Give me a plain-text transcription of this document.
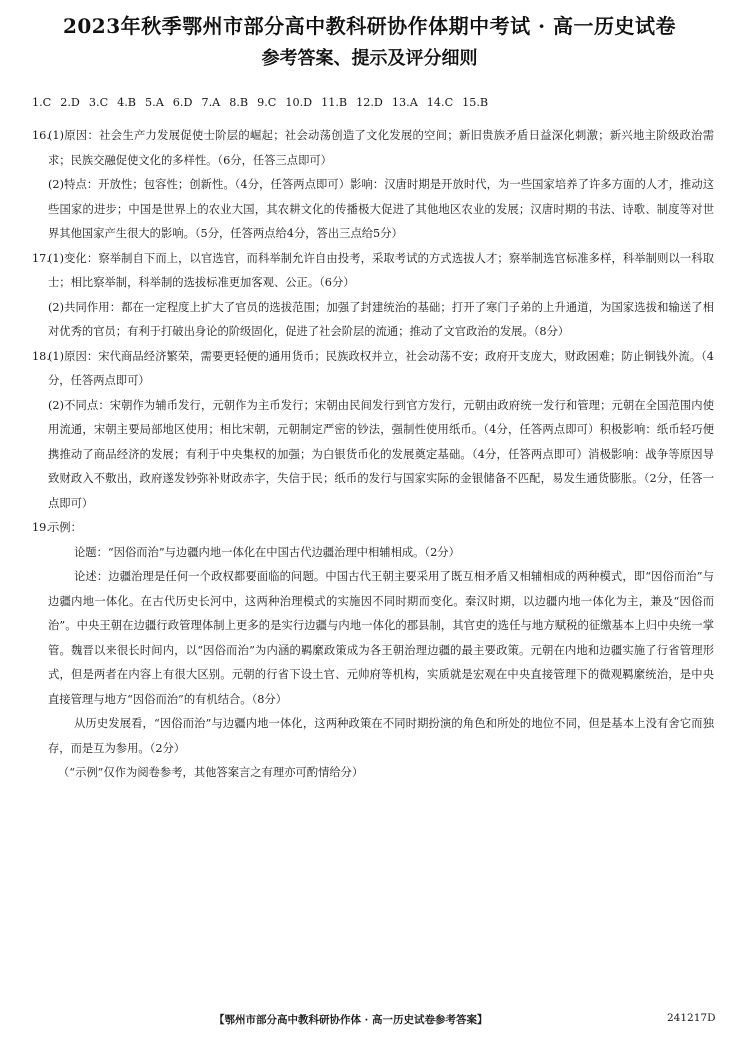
2023年秋季鄂州市部分高中教科研协作体期中考试 · 高一历史试卷
参考答案、提示及评分细则
1.C 2.D 3.C 4.B 5.A 6.D 7.A 8.B 9.C 10.D 11.B 12.D 13.A 14.C 15.B
16.

(1)原因：社会生产力发展促使士阶层的崛起；社会动荡创造了文化发展的空间；新旧贵族矛盾日益深化刺激；新兴地主阶级政治需求；民族交融促使文化的多样性。（6分，任答三点即可）

(2)特点：开放性；包容性；创新性。（4分，任答两点即可）影响：汉唐时期是开放时代，为一些国家培养了许多方面的人才，推动这些国家的进步；中国是世界上的农业大国，其农耕文化的传播极大促进了其他地区农业的发展；汉唐时期的书法、诗歌、制度等对世界其他国家产生很大的影响。（5分，任答两点给4分，答出三点给5分）

17.

(1)变化：察举制自下而上，以官选官，而科举制允许自由投考，采取考试的方式选拔人才；察举制选官标准多样，科举制则以一科取士；相比察举制，科举制的选拔标准更加客观、公正。（6分）

(2)共同作用：都在一定程度上扩大了官员的选拔范围；加强了封建统治的基础；打开了寒门子弟的上升通道，为国家选拔和输送了相对优秀的官员；有利于打破出身论的阶级固化，促进了社会阶层的流通；推动了文官政治的发展。（8分）

18.

(1)原因：宋代商品经济繁荣，需要更轻便的通用货币；民族政权并立，社会动荡不安；政府开支庞大，财政困难；防止铜钱外流。（4分，任答两点即可）

(2)不同点：宋朝作为辅币发行，元朝作为主币发行；宋朝由民间发行到官方发行，元朝由政府统一发行和管理；元朝在全国范围内使用流通，宋朝主要局部地区使用；相比宋朝，元朝制定严密的钞法，强制性使用纸币。（4分，任答两点即可）积极影响：纸币轻巧便携推动了商品经济的发展；有利于中央集权的加强；为白银货币化的发展奠定基础。（4分，任答两点即可）消极影响：战争等原因导致财政入不敷出，政府遂发钞弥补财政赤字，失信于民；纸币的发行与国家实际的金银储备不匹配，易发生通货膨胀。（2分，任答一点即可）

19.

示例：

论题：“因俗而治”与边疆内地一体化在中国古代边疆治理中相辅相成。（2分）

论述：边疆治理是任何一个政权都要面临的问题。中国古代王朝主要采用了既互相矛盾又相辅相成的两种模式，即“因俗而治”与边疆内地一体化。在古代历史长河中，这两种治理模式的实施因不同时期而变化。秦汉时期，以边疆内地一体化为主，兼及“因俗而治”。中央王朝在边疆行政管理体制上更多的是实行边疆与内地一体化的郡县制，其官吏的选任与地方赋税的征缴基本上归中央统一掌管。魏晋以来很长时间内，以“因俗而治”为内涵的羁縻政策成为各王朝治理边疆的最主要政策。元朝在内地和边疆实施了行省管理形式，但是两者在内容上有很大区别。元朝的行省下设土官、元帅府等机构，实质就是宏观在中央直接管理下的微观羁縻统治，是中央直接管理与地方“因俗而治”的有机结合。（8分）

从历史发展看，“因俗而治”与边疆内地一体化，这两种政策在不同时期扮演的角色和所处的地位不同，但是基本上没有舍它而独存，而是互为参用。（2分）

（“示例”仅作为阅卷参考，其他答案言之有理亦可酌情给分）

【鄂州市部分高中教科研协作体 · 高一历史试卷参考答案】	241217D
